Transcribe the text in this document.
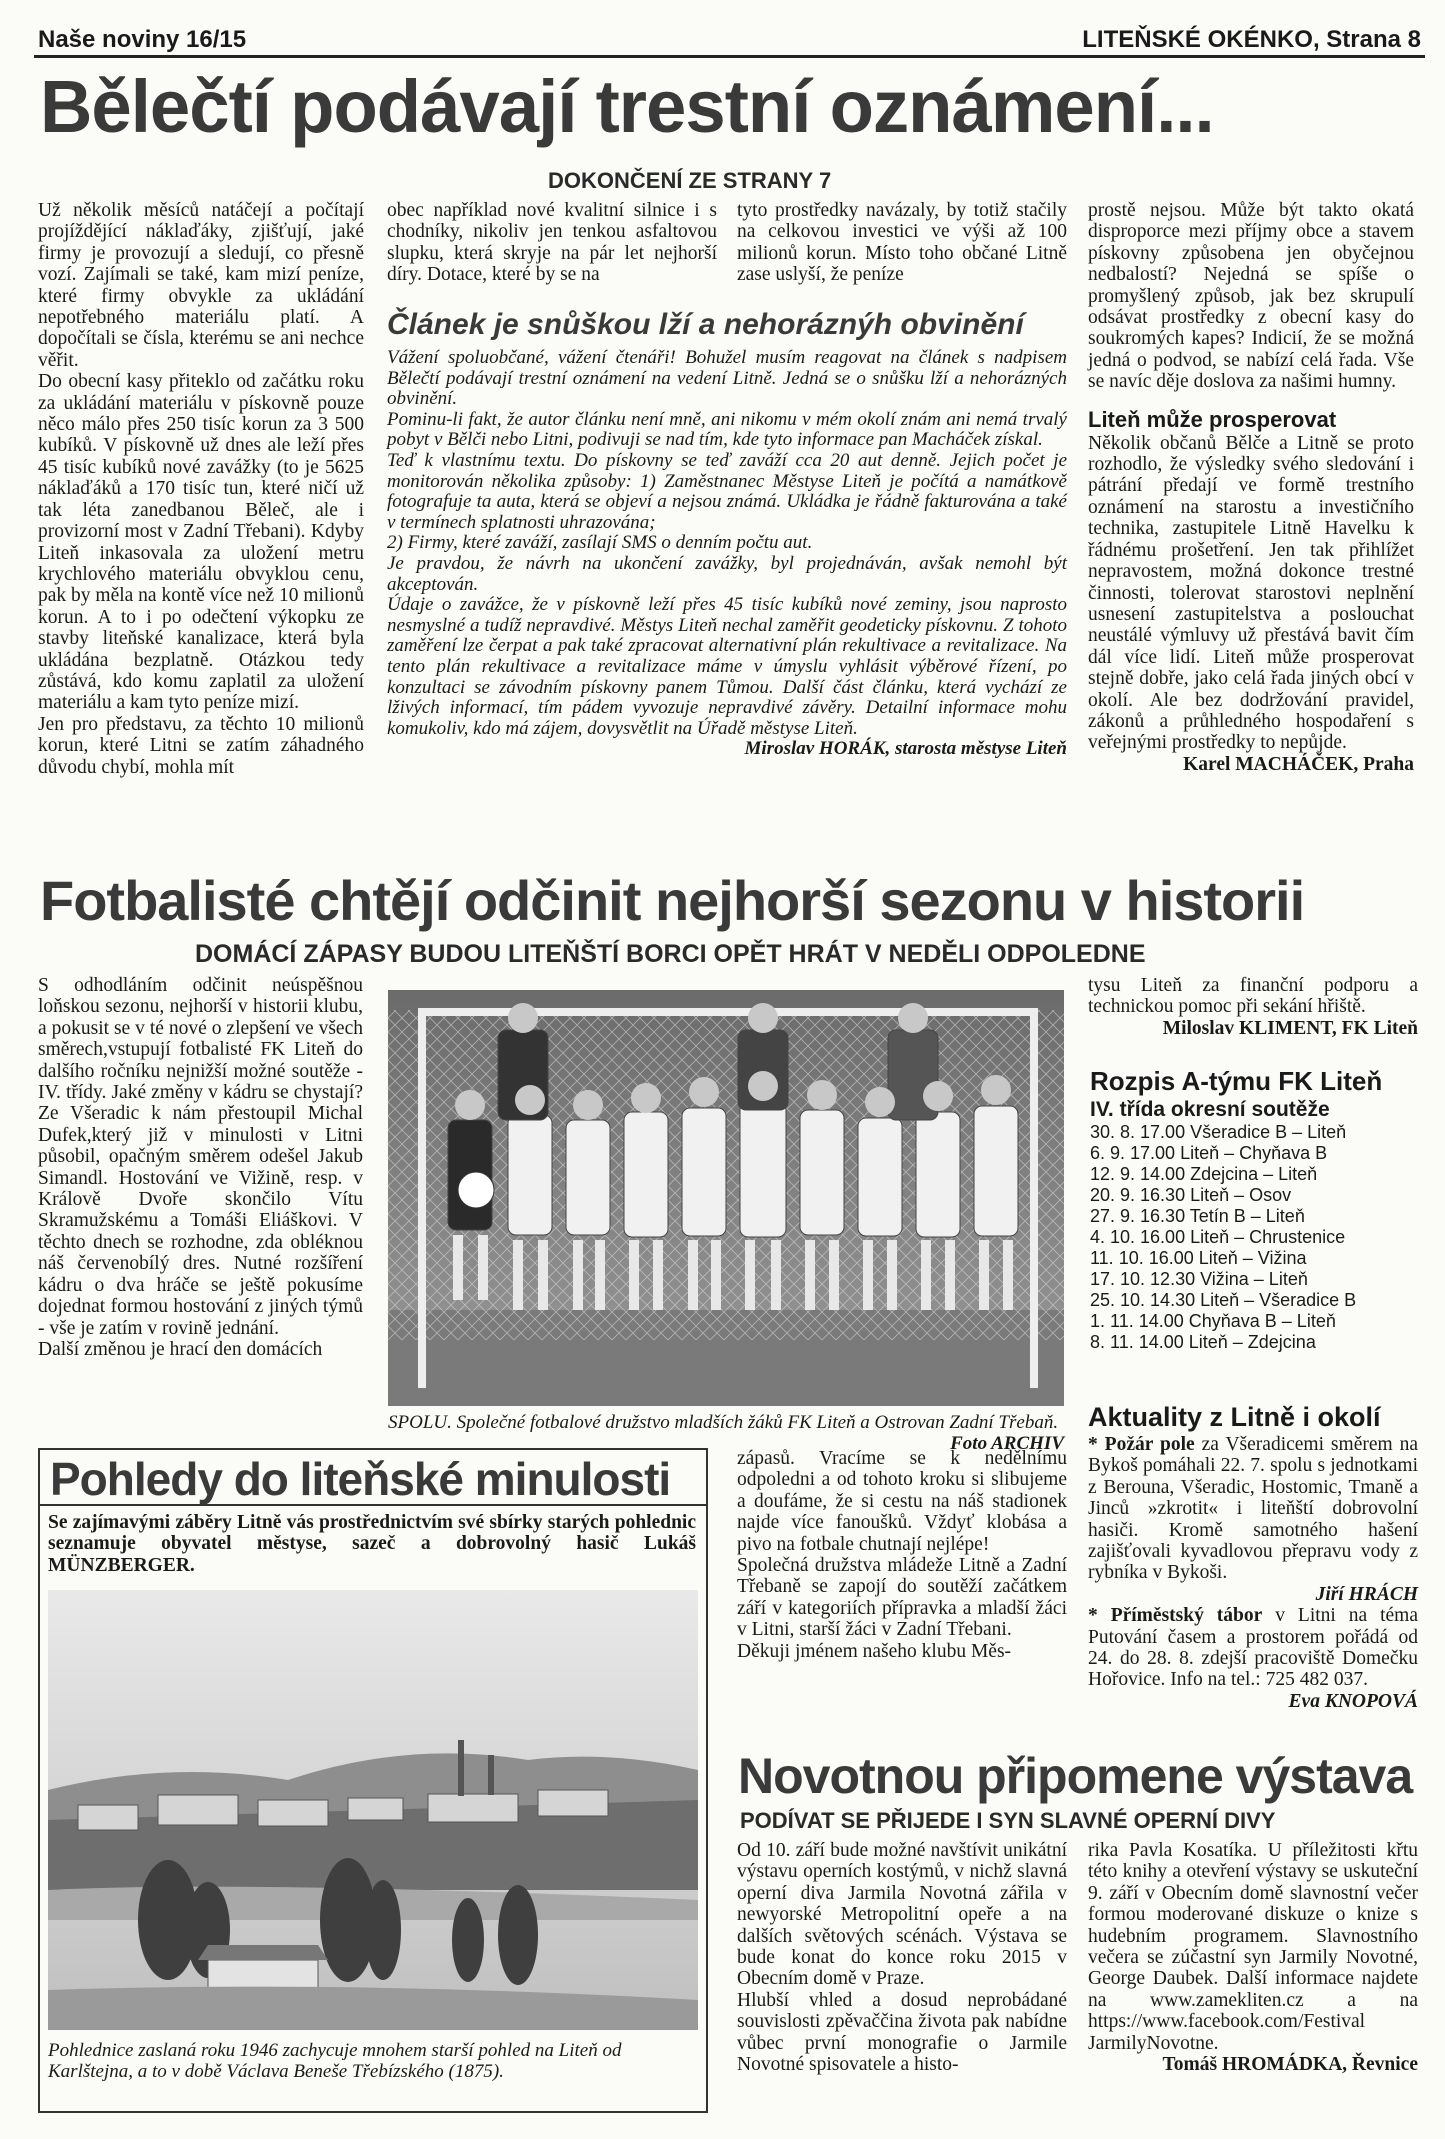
Naše noviny 16/15	LITEŇSKÉ OKÉNKO, Strana 8
Bělečtí podávají trestní oznámení...
DOKONČENÍ ZE STRANY 7

Už několik měsíců natáčejí a počítají projíždějící náklaďáky, zjišťují, jaké firmy je provozují a sledují, co přesně vozí. Zajímali se také, kam mizí peníze, které firmy obvykle za ukládání nepotřebného materiálu platí. A dopočítali se čísla, kterému se ani nechce věřit.

Do obecní kasy přiteklo od začátku roku za ukládání materiálu v pískovně pouze něco málo přes 250 tisíc korun za 3 500 kubíků. V pískovně už dnes ale leží přes 45 tisíc kubíků nové zavážky (to je 5625 náklaďáků a 170 tisíc tun, které ničí už tak léta zanedbanou Běleč, ale i provizorní most v Zadní Třebani). Kdyby Liteň inkasovala za uložení metru krychlového materiálu obvyklou cenu, pak by měla na kontě více než 10 milionů korun. A to i po odečtení výkopku ze stavby liteňské kanalizace, která byla ukládána bezplatně. Otázkou tedy zůstává, kdo komu zaplatil za uložení materiálu a kam tyto peníze mizí.

Jen pro představu, za těchto 10 milionů korun, které Litni se zatím záhadného důvodu chybí, mohla mít

obec například nové kvalitní silnice i s chodníky, nikoliv jen tenkou asfaltovou slupku, která skryje na pár let nejhorší díry. Dotace, které by se na
tyto prostředky navázaly, by totiž stačily na celkovou investici ve výši až 100 milionů korun. Místo toho občané Litně zase uslyší, že peníze
Článek je snůškou lží a nehoráznýh obvinění

Vážení spoluobčané, vážení čtenáři! Bohužel musím reagovat na článek s nadpisem Bělečtí podávají trestní oznámení na vedení Litně. Jedná se o snůšku lží a nehorázných obvinění.

Pominu-li fakt, že autor článku není mně, ani nikomu v mém okolí znám ani nemá trvalý pobyt v Bělči nebo Litni, podivuji se nad tím, kde tyto informace pan Macháček získal.

Teď k vlastnímu textu. Do pískovny se teď zaváží cca 20 aut denně. Jejich počet je monitorován několika způsoby: 1) Zaměstnanec Městyse Liteň je počítá a namátkově fotografuje ta auta, která se objeví a nejsou známá. Ukládka je řádně fakturována a také v termínech splatnosti uhrazována;

2) Firmy, které zaváží, zasílají SMS o denním počtu aut.

Je pravdou, že návrh na ukončení zavážky, byl projednáván, avšak nemohl být akceptován.

Údaje o zavážce, že v pískovně leží přes 45 tisíc kubíků nové zeminy, jsou naprosto nesmyslné a tudíž nepravdivé. Městys Liteň nechal zaměřit geodeticky pískovnu. Z tohoto zaměření lze čerpat a pak také zpracovat alternativní plán rekultivace a revitalizace. Na tento plán rekultivace a revitalizace máme v úmyslu vyhlásit výběrové řízení, po konzultaci se závodním pískovny panem Tůmou. Další část článku, která vychází ze lživých informací, tím pádem vyvozuje nepravdivé závěry. Detailní informace mohu komukoliv, kdo má zájem, dovysvětlit na Úřadě městyse Liteň.

Miroslav HORÁK, starosta městyse Liteň

prostě nejsou. Může být takto okatá disproporce mezi příjmy obce a stavem pískovny způsobena jen obyčejnou nedbalostí? Nejedná se spíše o promyšlený způsob, jak bez skrupulí odsávat prostředky z obecní kasy do soukromých kapes? Indicií, že se možná jedná o podvod, se nabízí celá řada. Vše se navíc děje doslova za našimi humny.

Liteň může prosperovat

Několik občanů Bělče a Litně se proto rozhodlo, že výsledky svého sledování i pátrání předají ve formě trestního oznámení na starostu a investičního technika, zastupitele Litně Havelku k řádnému prošetření. Jen tak přihlížet nepravostem, možná dokonce trestné činnosti, tolerovat starostovi neplnění usnesení zastupitelstva a poslouchat neustálé výmluvy už přestává bavit čím dál více lidí. Liteň může prosperovat stejně dobře, jako celá řada jiných obcí v okolí. Ale bez dodržování pravidel, zákonů a průhledného hospodaření s veřejnými prostředky to nepůjde.

Karel MACHÁČEK, Praha

Fotbalisté chtějí odčinit nejhorší sezonu v historii
DOMÁCÍ ZÁPASY BUDOU LITEŇŠTÍ BORCI OPĚT HRÁT V NEDĚLI ODPOLEDNE

S odhodláním odčinit neúspěšnou loňskou sezonu, nejhorší v historii klubu, a pokusit se v té nové o zlepšení ve všech směrech,vstupují fotbalisté FK Liteň do dalšího ročníku nejnižší možné soutěže - IV. třídy. Jaké změny v kádru se chystají? Ze Všeradic k nám přestoupil Michal Dufek,který již v minulosti v Litni působil, opačným směrem odešel Jakub Simandl. Hostování ve Vižině, resp. v Králově Dvoře skončilo Vítu Skramužskému a Tomáši Eliáškovi. V těchto dnech se rozhodne, zda obléknou náš červenobílý dres. Nutné rozšíření kádru o dva hráče se ještě pokusíme dojednat formou hostování z jiných týmů - vše je zatím v rovině jednání.

Další změnou je hrací den domácích

SPOLU. Společné fotbalové družstvo mladších žáků FK Liteň a Ostrovan Zadní Třebaň.
Foto ARCHIV

tysu Liteň za finanční podporu a technickou pomoc při sekání hřiště.

Miloslav KLIMENT, FK Liteň

Rozpis A-týmu FK Liteň
IV. třída okresní soutěže
30. 8. 17.00 Všeradice B – Liteň
6. 9. 17.00 Liteň – Chyňava B
12. 9. 14.00 Zdejcina – Liteň
20. 9. 16.30 Liteň – Osov
27. 9. 16.30 Tetín B – Liteň
4. 10. 16.00 Liteň – Chrustenice
11. 10. 16.00 Liteň – Vižina
17. 10. 12.30 Vižina – Liteň
25. 10. 14.30 Liteň – Všeradice B
1. 11. 14.00 Chyňava B – Liteň
8. 11. 14.00 Liteň – Zdejcina

Aktuality z Litně i okolí

* Požár pole za Všeradicemi směrem na Bykoš pomáhali 22. 7. spolu s jednotkami z Berouna, Všeradic, Hostomic, Tmaně a Jinců »zkrotit« i liteňští dobrovolní hasiči. Kromě samotného hašení zajišťovali kyvadlovou přepravu vody z rybníka v Bykoši.

Jiří HRÁCH

* Příměstský tábor v Litni na téma Putování časem a prostorem pořádá od 24. do 28. 8. zdejší pracoviště Domečku Hořovice. Info na tel.: 725 482 037.

Eva KNOPOVÁ

Pohledy do liteňské minulosti
Se zajímavými záběry Litně vás prostřednictvím své sbírky starých pohlednic seznamuje obyvatel městyse, sazeč a dobrovolný hasič Lukáš MÜNZBERGER.
Pohlednice zaslaná roku 1946 zachycuje mnohem starší pohled na Liteň od Karlštejna, a to v době Václava Beneše Třebízského (1875).

zápasů. Vracíme se k nedělnímu odpoledni a od tohoto kroku si slibujeme a doufáme, že si cestu na náš stadionek najde více fanoušků. Vždyť klobása a pivo na fotbale chutnají nejlépe!

Společná družstva mládeže Litně a Zadní Třebaně se zapojí do soutěží začátkem září v kategoriích přípravka a mladší žáci v Litni, starší žáci v Zadní Třebani.

Děkuji jménem našeho klubu Měs-

Novotnou připomene výstava
PODÍVAT SE PŘIJEDE I SYN SLAVNÉ OPERNÍ DIVY

Od 10. září bude možné navštívit unikátní výstavu operních kostýmů, v nichž slavná operní diva Jarmila Novotná zářila v newyorské Metropolitní opeře a na dalších světových scénách. Výstava se bude konat do konce roku 2015 v Obecním domě v Praze.

Hlubší vhled a dosud neprobádané souvislosti zpěvaččina života pak nabídne vůbec první monografie o Jarmile Novotné spisovatele a histo-

rika Pavla Kosatíka. U příležitosti křtu této knihy a otevření výstavy se uskuteční 9. září v Obecním domě slavnostní večer formou moderované diskuze o knize s hudebním programem. Slavnostního večera se zúčastní syn Jarmily Novotné, George Daubek. Další informace najdete na www.zamekliten.cz a na https://www.facebook.com/Festival JarmilyNovotne.

Tomáš HROMÁDKA, Řevnice
